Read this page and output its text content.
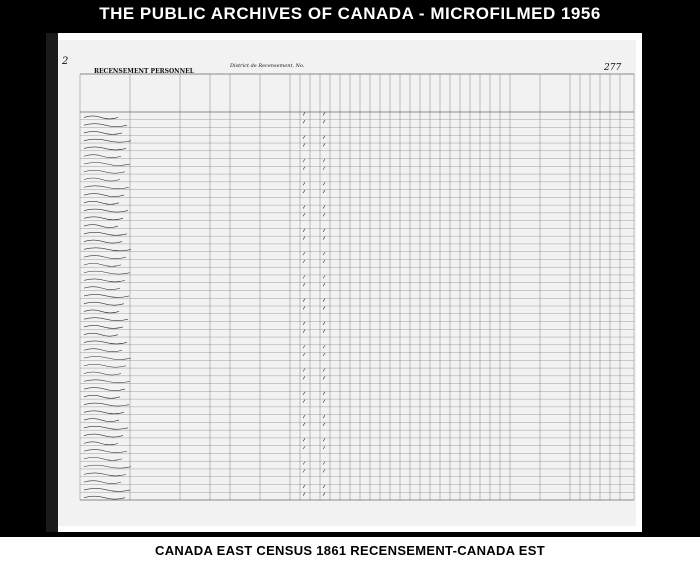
THE PUBLIC ARCHIVES OF CANADA - MICROFILMED 1956
2
277
RECENSEMENT PERSONNEL
District de Recensement, No.
CANADA EAST CENSUS 1861 RECENSEMENT-CANADA EST
